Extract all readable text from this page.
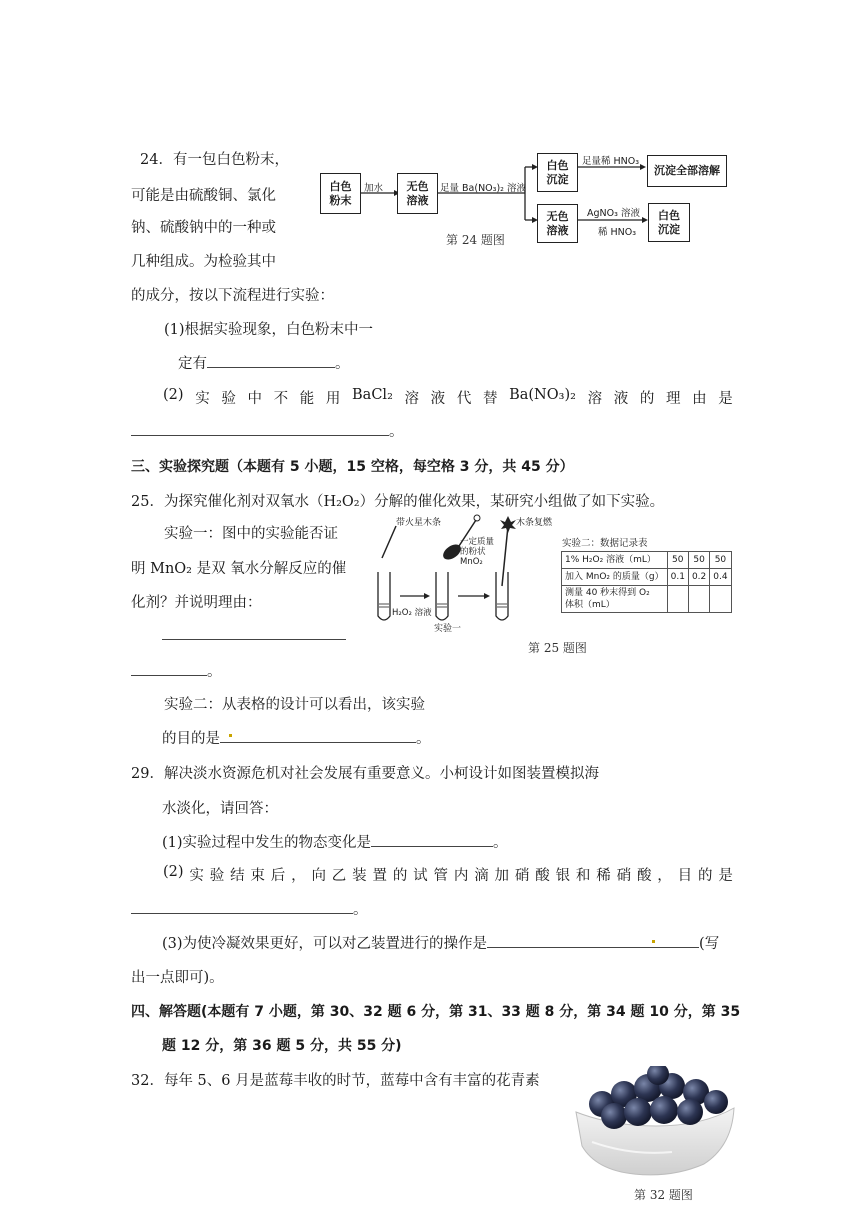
24．有一包白色粉末，
可能是由硫酸铜、氯化
钠、硫酸钠中的一种或
几种组成。为检验其中
的成分，按以下流程进行实验：
白色
粉末
无色
溶液
白色
沉淀
沉淀全部溶解
无色
溶液
白色
沉淀
加水	足量 Ba(NO₃)₂ 溶液
足量稀 HNO₃
AgNO₃ 溶液
稀 HNO₃
第 24 题图
(1)根据实验现象，白色粉末中一
定有	。
(2) 实 验 中 不 能 用 BaCl₂ 溶 液 代 替 Ba(NO₃)₂ 溶 液 的 理 由 是
。
三、实验探究题（本题有 5 小题，15 空格，每空格 3 分，共 45 分）
25．为探究催化剂对双氧水（H₂O₂）分解的催化效果，某研究小组做了如下实验。
实验一：图中的实验能否证
明 MnO₂ 是双 氧水分解反应的催
化剂？并说明理由：
。
带火星木条
一定质量
的粉状
MnO₂
木条复燃
H₂O₂ 溶液
实验一
实验二：数据记录表
1% H₂O₂ 溶液（mL）	50	50	50
加入 MnO₂ 的质量（g）	0.1	0.2	0.4
测量 40 秒末得到 O₂
体积（mL）			
第 25 题图
实验二：从表格的设计可以看出，该实验
的目的是	。
29．解决淡水资源危机对社会发展有重要意义。小柯设计如图装置模拟海
水淡化，请回答：
(1)实验过程中发生的物态变化是	。
(2) 实 验 结 束 后 ， 向 乙 装 置 的 试 管 内 滴 加 硝 酸 银 和 稀 硝 酸 ， 目 的 是
。
(3)为使冷凝效果更好，可以对乙装置进行的操作是	(写
出一点即可)。
四、解答题(本题有 7 小题，第 30、32 题 6 分，第 31、33 题 8 分，第 34 题 10 分，第 35
题 12 分，第 36 题 5 分，共 55 分)
32．每年 5、6 月是蓝莓丰收的时节，蓝莓中含有丰富的花青素
第 32 题图
